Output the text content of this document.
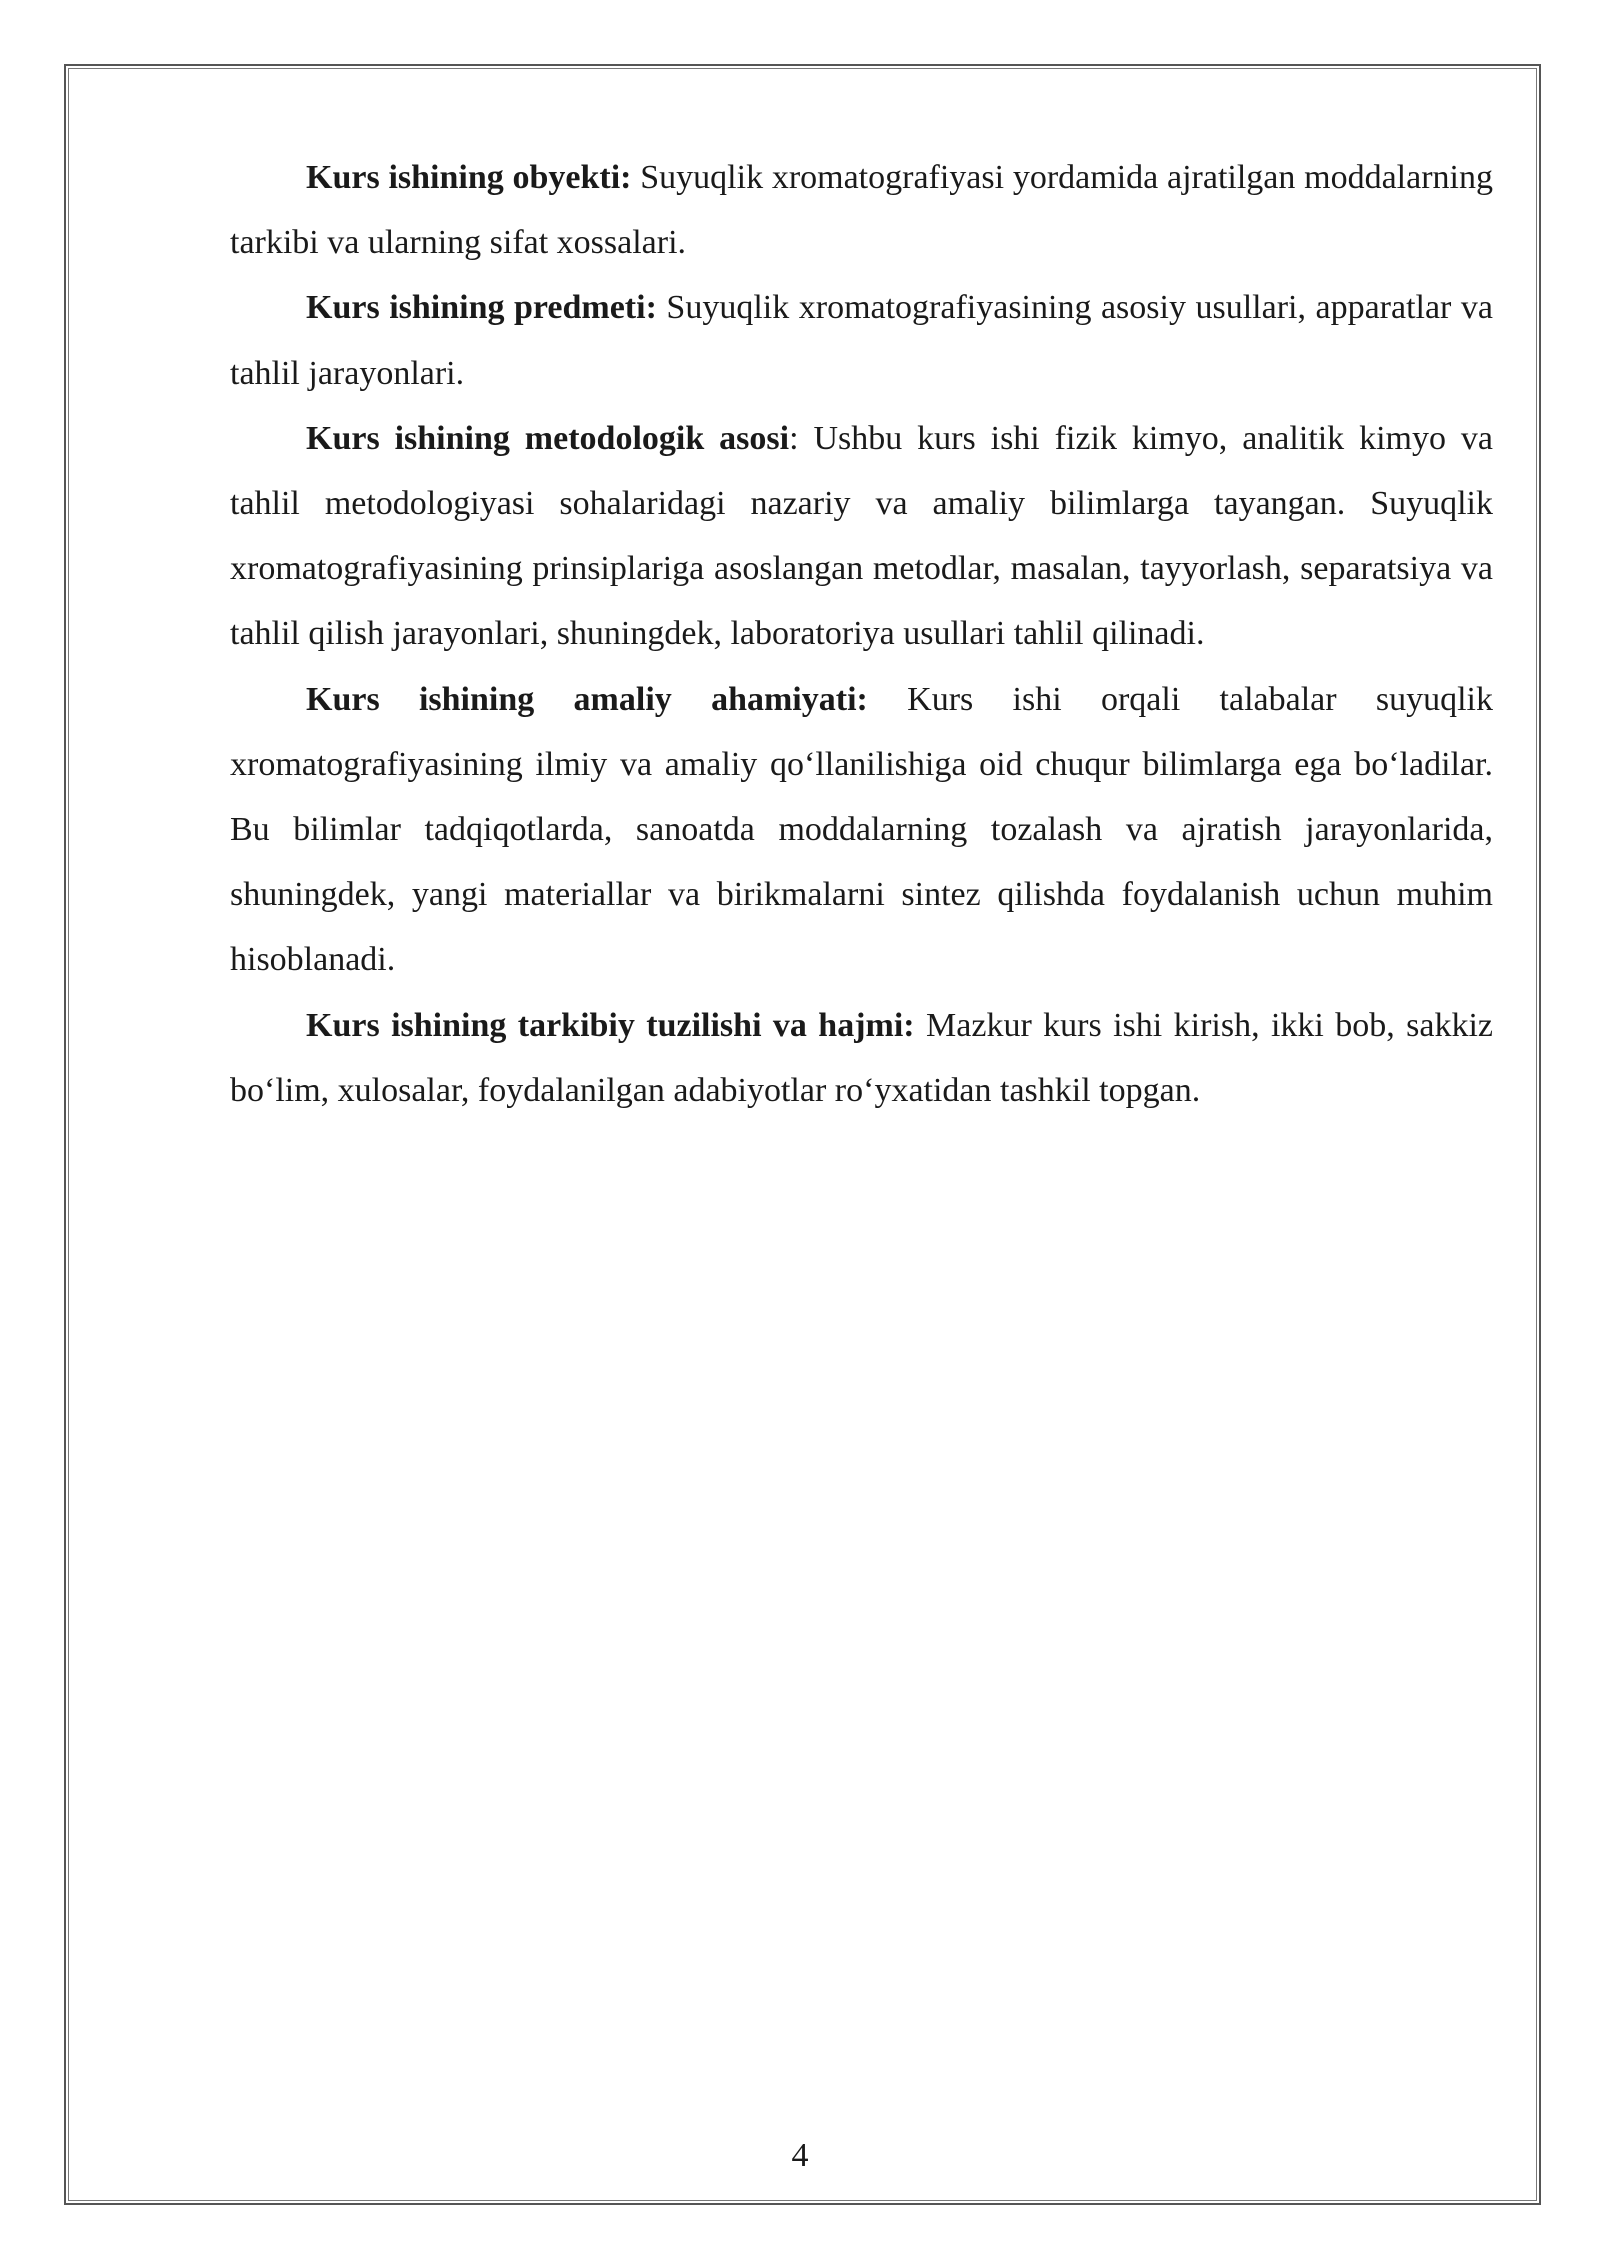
Kurs ishining obyekti: Suyuqlik xromatografiyasi yordamida ajratilgan moddalarning tarkibi va ularning sifat xossalari.

Kurs ishining predmeti: Suyuqlik xromatografiyasining asosiy usullari, apparatlar va tahlil jarayonlari.

Kurs ishining metodologik asosi: Ushbu kurs ishi fizik kimyo, analitik kimyo va tahlil metodologiyasi sohalaridagi nazariy va amaliy bilimlarga tayangan. Suyuqlik xromatografiyasining prinsiplariga asoslangan metodlar, masalan, tayyorlash, separatsiya va tahlil qilish jarayonlari, shuningdek, laboratoriya usullari tahlil qilinadi.

Kurs ishining amaliy ahamiyati: Kurs ishi orqali talabalar suyuqlik xromatografiyasining ilmiy va amaliy qo‘llanilishiga oid chuqur bilimlarga ega bo‘ladilar. Bu bilimlar tadqiqotlarda, sanoatda moddalarning tozalash va ajratish jarayonlarida, shuningdek, yangi materiallar va birikmalarni sintez qilishda foydalanish uchun muhim hisoblanadi.

Kurs ishining tarkibiy tuzilishi va hajmi: Mazkur kurs ishi kirish, ikki bob, sakkiz bo‘lim, xulosalar, foydalanilgan adabiyotlar ro‘yxatidan tashkil topgan.

4
